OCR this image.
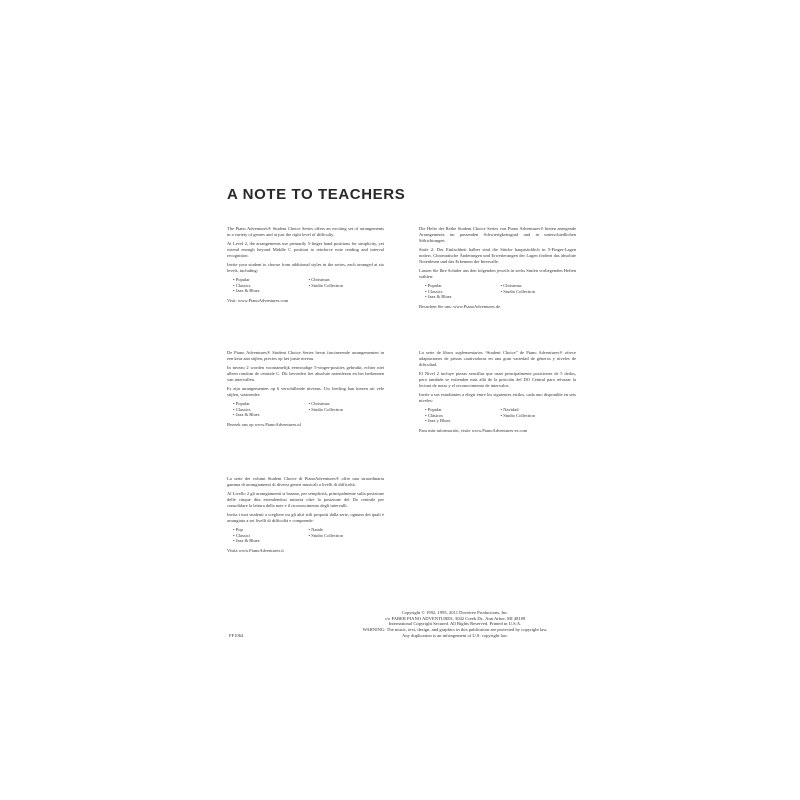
A NOTE TO TEACHERS

The Piano Adventures® Student Choice Series offers an exciting set of arrangements in a variety of genres and at just the right level of difficulty.

At Level 2, the arrangements use primarily 5-finger hand positions for simplicity, yet extend enough beyond Middle C position to reinforce note reading and interval recognition.

Invite your student to choose from additional styles in the series, each arranged at six levels, including:

• Popular	• Christmas
• Classics	• Studio Collection
• Jazz & Blues

Visit: www.PianoAdventures.com

Die Hefte der Reihe Student Choice Series von Piano Adventures® bieten anregende Arrangements im passenden Schwierigkeitsgrad und in unterschiedlichen Stilrichtungen.

Stufe 2: Der Einfachheit halber sind die Stücke hauptsächlich in 5-Finger-Lagen notiert. Chromatische Änderungen und Erweiterungen der Lagen fördern das absolute Notenlesen und das Erkennen der Intervalle.

Lassen Sie Ihre Schüler aus den folgenden jeweils in sechs Stufen vorliegenden Heften wählen:

• Popular	• Christmas
• Classics	• Studio Collection
• Jazz & Blues

Besuchen Sie uns: www.PianoAdventures.de

De Piano Adventures® Student Choice Series bevat fascinerende arrangementen in een keur aan stijlen, precies op het juiste niveau.

In niveau 2 worden voornamelijk eenvoudige 5-vinger-posities gebruikt, echter niet alleen rondom de centrale C. Dit bevordert het absolute notenlezen en het herkennen van intervallen.

Er zijn arrangementen op 6 verschillende niveaus. Uw leerling kan kiezen uit vele stijlen, waaronder:

• Popular	• Christmas
• Classics	• Studio Collection
• Jazz & Blues

Bezoek ons op www.PianoAdventures.nl

La serie de libros suplementarios “Student Choice” de Piano Adventures® ofrece adaptaciones de piezas cautivadoras en una gran variedad de géneros y niveles de dificultad.

El Nivel 2 incluye piezas sencillas que usan principalmente posiciones de 5 dedos, pero también se extienden más allá de la posición del DO Central para reforzar la lectura de notas y el reconocimiento de intervalos.

Invite a sus estudiantes a elegir entre los siguientes estilos, cada uno disponible en seis niveles:

• Popular	• Navidad
• Clásicos	• Studio Collection
• Jazz y Blues

Para más información, visite www.PianoAdventures-es.com

La serie dei volumi Student Choice di PianoAdventures® offre una straordinaria gamma di arrangiamenti di diversi generi musicali a livelli di difficoltà.

Al Livello 2 gli arrangiamenti si basano, per semplicità, principalmente sulla posizione delle cinque dita estendendosi tuttavia oltre la posizione del Do centrale per consolidare la lettura della note e il riconoscimento degli intervalli.

Invita i tuoi studenti a scegliere tra gli altri stili proposti dalla serie, ognuno dei quali è arrangiato a sei livelli di difficoltà e comprende:

• Pop	• Natale
• Classici	• Studio Collection
• Jazz & Blues

Visita www.PianoAdventures.it

Copyright © 1992, 1995, 2011 Dovetree Productions, Inc.
c/o FABER PIANO ADVENTURES, 3042 Creek Dr., Ann Arbor, MI 48108
International Copyright Secured. All Rights Reserved. Printed in U.S.A.
WARNING: The music, text, design, and graphics in this publication are protected by copyright law.
Any duplication is an infringement of U.S. copyright law.
FF1064
